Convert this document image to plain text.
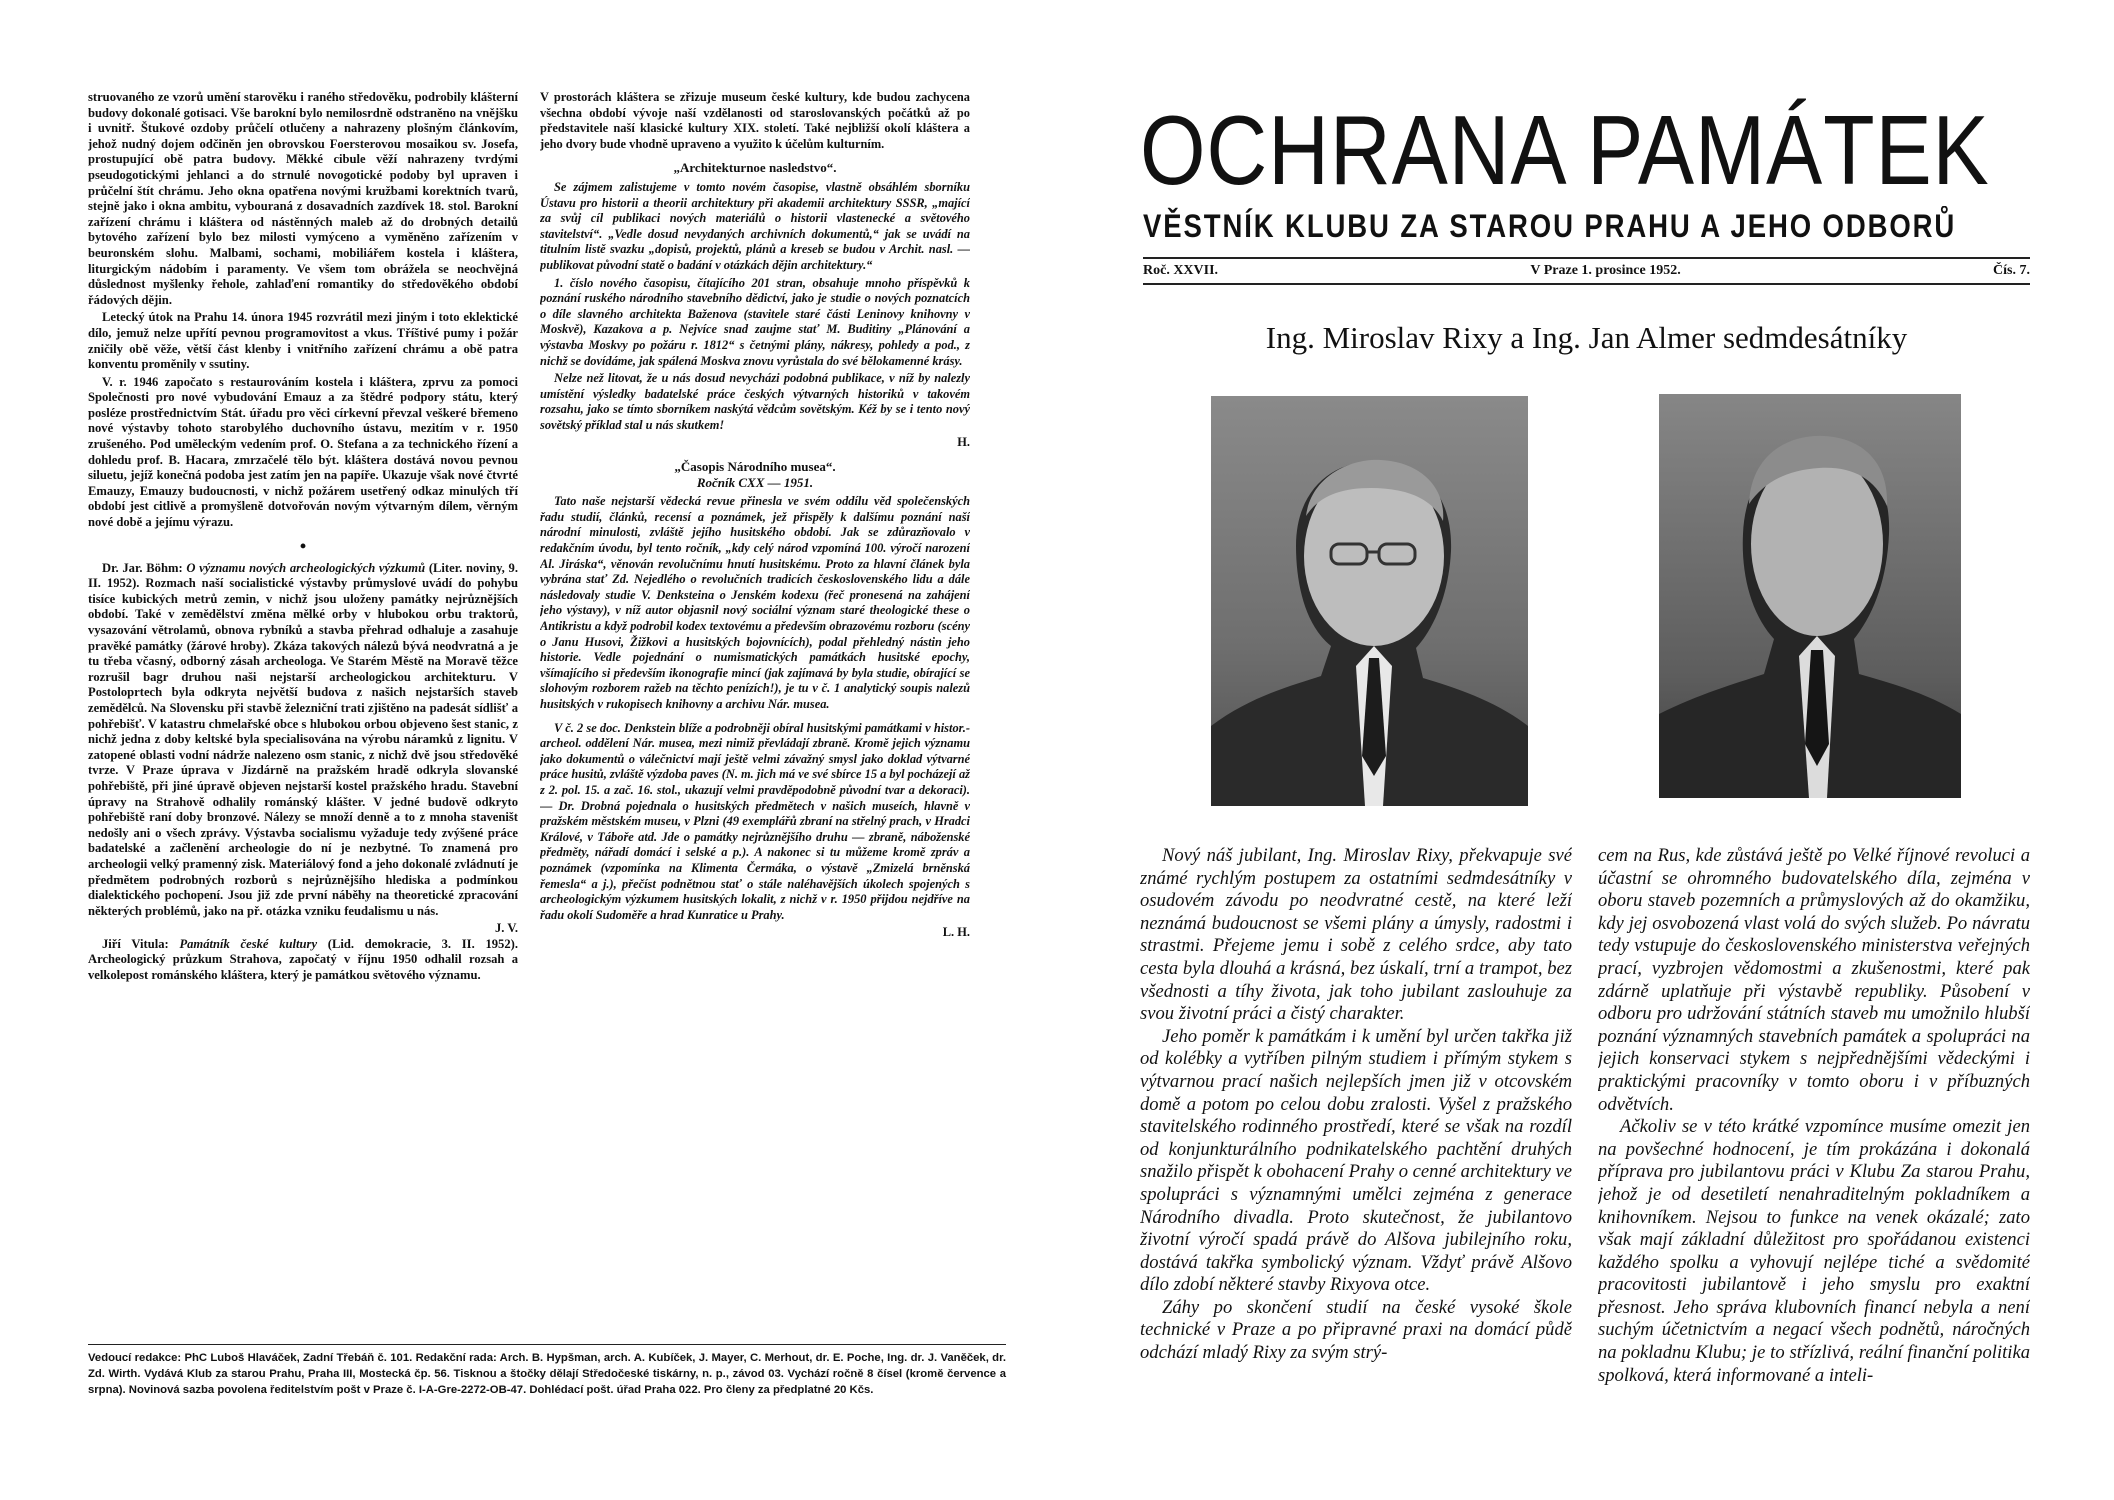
struovaného ze vzorů umění starověku i raného středověku, podrobily klášterní budovy dokonalé gotisaci. Vše barokní bylo nemilosrdně odstraněno na vnějšku i uvnitř. Štukové ozdoby průčelí otlučeny a nahrazeny plošným článkovím, jehož nudný dojem odčiněn jen obrovskou Foersterovou mosaikou sv. Josefa, prostupující obě patra budovy. Měkké cibule věží nahrazeny tvrdými pseudogotickými jehlanci a do strnulé novogotické podoby byl upraven i průčelní štít chrámu. Jeho okna opatřena novými kružbami korektních tvarů, stejně jako i okna ambitu, vybouraná z dosavadních zazdívek 18. stol. Barokní zařízení chrámu i kláštera od nástěnných maleb až do drobných detailů bytového zařízení bylo bez milosti vymýceno a vyměněno zařízením v beuronském slohu. Malbami, sochami, mobiliářem kostela i kláštera, liturgickým nádobím i paramenty. Ve všem tom obrážela se neochvějná důslednost myšlenky řehole, zahlaďení romantiky do středověkého období řádových dějin.

Letecký útok na Prahu 14. února 1945 rozvrátil mezi jiným i toto eklektické dílo, jemuž nelze upřítí pevnou programovitost a vkus. Tříštivé pumy i požár zničily obě věže, větší část klenby i vnitřního zařízení chrámu a obě patra konventu proměnily v ssutiny.

V. r. 1946 započato s restaurováním kostela i kláštera, zprvu za pomoci Společnosti pro nové vybudování Emauz a za štědré podpory státu, který posléze prostřednictvím Stát. úřadu pro věci církevní převzal veškeré břemeno nové výstavby tohoto starobylého duchovního ústavu, mezitím v r. 1950 zrušeného. Pod uměleckým vedením prof. O. Stefana a za technického řízení a dohledu prof. B. Hacara, zmrzačelé tělo být. kláštera dostává novou pevnou siluetu, jejíž konečná podoba jest zatím jen na papíře. Ukazuje však nové čtvrté Emauzy, Emauzy budoucnosti, v nichž požárem usetřený odkaz minulých tří období jest citlivě a promyšleně dotvořován novým výtvarným dílem, věrným nové době a jejímu výrazu.

•

Dr. Jar. Böhm: O významu nových archeologických výzkumů (Liter. noviny, 9. II. 1952). Rozmach naší socialistické výstavby průmyslové uvádí do pohybu tisíce kubických metrů zemin, v nichž jsou uloženy památky nejrůznějších období. Také v zemědělství změna mělké orby v hlubokou orbu traktorů, vysazování větrolamů, obnova rybníků a stavba přehrad odhaluje a zasahuje pravěké památky (žárové hroby). Zkáza takových nálezů bývá neodvratná a je tu třeba včasný, odborný zásah archeologa. Ve Starém Městě na Moravě těžce rozrušil bagr druhou naši nejstarší archeologickou architekturu. V Postoloprtech byla odkryta největší budova z našich nejstarších staveb zemědělců. Na Slovensku při stavbě železniční trati zjištěno na padesát sídlišť a pohřebišť. V katastru chmelařské obce s hlubokou orbou objeveno šest stanic, z nichž jedna z doby keltské byla specialisována na výrobu náramků z lignitu. V zatopené oblasti vodní nádrže nalezeno osm stanic, z nichž dvě jsou středověké tvrze. V Praze úprava v Jizdárně na pražském hradě odkryla slovanské pohřebiště, při jiné úpravě objeven nejstarší kostel pražského hradu. Stavební úpravy na Strahově odhalily románský klášter. V jedné budově odkryto pohřebiště raní doby bronzové. Nálezy se množí denně a to z mnoha staveništ nedošly ani o všech zprávy. Výstavba socialismu vyžaduje tedy zvýšené práce badatelské a začlenění archeologie do ní je nezbytné. To znamená pro archeologii velký pramenný zisk. Materiálový fond a jeho dokonalé zvládnutí je předmětem podrobných rozborů s nejrůznějšího hlediska a podmínkou dialektického pochopení. Jsou již zde první náběhy na theoretické zpracování některých problémů, jako na př. otázka vzniku feudalismu u nás.

J. V.

Jiří Vitula: Památník české kultury (Lid. demokracie, 3. II. 1952). Archeologický průzkum Strahova, započatý v říjnu 1950 odhalil rozsah a velkolepost románského kláštera, který je památkou světového významu.

V prostorách kláštera se zřizuje museum české kultury, kde budou zachycena všechna období vývoje naší vzdělanosti od staroslovanských počátků až po představitele naší klasické kultury XIX. století. Také nejbližší okolí kláštera a jeho dvory bude vhodně upraveno a využito k účelům kulturním.

„Architekturnoe nasledstvo“.

Se zájmem zalistujeme v tomto novém časopise, vlastně obsáhlém sborníku Ústavu pro historii a theorii architektury při akademii architektury SSSR, „mající za svůj cíl publikaci nových materiálů o historii vlastenecké a světového stavitelství“. „Vedle dosud nevydaných archivních dokumentů,“ jak se uvádí na titulním listě svazku „dopisů, projektů, plánů a kreseb se budou v Archit. nasl. — publikovat původní statě o badání v otázkách dějin architektury.“

1. číslo nového časopisu, čítajícího 201 stran, obsahuje mnoho příspěvků k poznání ruského národního stavebního dědictví, jako je studie o nových poznatcích o díle slavného architekta Baženova (stavitele staré části Leninovy knihovny v Moskvě), Kazakova a p. Nejvíce snad zaujme stať M. Buditiny „Plánování a výstavba Moskvy po požáru r. 1812“ s četnými plány, nákresy, pohledy a pod., z nichž se dovídáme, jak spálená Moskva znovu vyrůstala do své bělokamenné krásy.

Nelze než litovat, že u nás dosud nevycházi podobná publikace, v níž by nalezly umístění výsledky badatelské práce českých výtvarných historiků v takovém rozsahu, jako se tímto sborníkem naskýtá vědcům sovětským. Kéž by se i tento nový sovětský příklad stal u nás skutkem!

H.
„Časopis Národního musea“.
Ročník CXX — 1951.

Tato naše nejstarší vědecká revue přinesla ve svém oddílu věd společenských řadu studií, článků, recensí a poznámek, jež přispěly k dalšímu poznání naší národní minulosti, zvláště jejího husitského období. Jak se zdůrazňovalo v redakčním úvodu, byl tento ročník, „kdy celý národ vzpomíná 100. výročí narození Al. Jiráska“, věnován revolučnímu hnutí husitskému. Proto za hlavní článek byla vybrána stať Zd. Nejedlého o revolučních tradicích československého lidu a dále následovaly studie V. Denksteina o Jenském kodexu (řeč pronesená na zahájení jeho výstavy), v níž autor objasnil nový sociální význam staré theologické these o Antikristu a když podrobil kodex textovému a především obrazovému rozboru (scény o Janu Husovi, Žižkovi a husitských bojovnících), podal přehledný nástin jeho historie. Vedle pojednání o numismatických památkách husitské epochy, všímajícího si především ikonografie mincí (jak zajímavá by byla studie, obírající se slohovým rozborem ražeb na těchto penízích!), je tu v č. 1 analytický soupis nalezů husitských v rukopisech knihovny a archivu Nár. musea.

V č. 2 se doc. Denkstein blíže a podrobněji obíral husitskými památkami v histor.-archeol. oddělení Nár. musea, mezi nimiž převládají zbraně. Kromě jejich významu jako dokumentů o válečnictví mají ještě velmi závažný smysl jako doklad výtvarné práce husitů, zvláště výzdoba paves (N. m. jich má ve své sbírce 15 a byl pocházejí až z 2. pol. 15. a zač. 16. stol., ukazují velmi pravděpodobně původní tvar a dekoraci). — Dr. Drobná pojednala o husitských předmětech v našich museích, hlavně v pražském městském museu, v Plzni (49 exemplářů zbraní na střelný prach, v Hradci Králové, v Táboře atd. Jde o památky nejrůznějšího druhu — zbraně, náboženské předměty, nářadí domácí i selské a p.). A nakonec si tu můžeme kromě zpráv a poznámek (vzpomínka na Klimenta Čermáka, o výstavě „Zmizelá brněnská řemesla“ a j.), přečíst podnětnou stať o stále naléhavějších úkolech spojených s archeologickým výzkumem husitských lokalit, z nichž v r. 1950 přijdou nejdříve na řadu okolí Sudoměře a hrad Kunratice u Prahy.

L. H.
Vedoucí redakce: PhC Luboš Hlaváček, Zadní Třebáň č. 101. Redakční rada: Arch. B. Hypšman, arch. A. Kubíček, J. Mayer, C. Merhout, dr. E. Poche, Ing. dr. J. Vaněček, dr. Zd. Wirth. Vydává Klub za starou Prahu, Praha III, Mostecká čp. 56. Tisknou a štočky dělají Středočeské tiskárny, n. p., závod 03. Vychází ročně 8 čísel (kromě července a srpna). Novinová sazba povolena ředitelstvím pošt v Praze č. I-A-Gre-2272-OB-47. Dohlédací pošt. úřad Praha 022. Pro členy za předplatné 20 Kčs.
OCHRANA PAMÁTEK
VĚSTNÍK KLUBU ZA STAROU PRAHU A JEHO ODBORŮ
Roč. XXVII.	V Praze 1. prosince 1952.	Čís. 7.
Ing. Miroslav Rixy a Ing. Jan Almer sedmdesátníky

Nový náš jubilant, Ing. Miroslav Rixy, překvapuje své známé rychlým postupem za ostatními sedmdesátníky v osudovém závodu po neodvratné cestě, na které leží neznámá budoucnost se všemi plány a úmysly, radostmi i strastmi. Přejeme jemu i sobě z celého srdce, aby tato cesta byla dlouhá a krásná, bez úskalí, trní a trampot, bez všednosti a tíhy života, jak toho jubilant zaslouhuje za svou životní práci a čistý charakter.

Jeho poměr k památkám i k umění byl určen takřka již od kolébky a vytříben pilným studiem i přímým stykem s výtvarnou prací našich nejlepších jmen již v otcovském domě a potom po celou dobu zralosti. Vyšel z pražského stavitelského rodinného prostředí, které se však na rozdíl od konjunkturálního podnikatelského pachtění druhých snažilo přispět k obohacení Prahy o cenné architektury ve spolupráci s významnými umělci zejména z generace Národního divadla. Proto skutečnost, že jubilantovo životní výročí spadá právě do Alšova jubilejního roku, dostává takřka symbolický význam. Vždyť právě Alšovo dílo zdobí některé stavby Rixyova otce.

Záhy po skončení studií na české vysoké škole technické v Praze a po připravné praxi na domácí půdě odchází mladý Rixy za svým strý-

cem na Rus, kde zůstává ještě po Velké říjnové revoluci a účastní se ohromného budovatelského díla, zejména v oboru staveb pozemních a průmyslových až do okamžiku, kdy jej osvobozená vlast volá do svých služeb. Po návratu tedy vstupuje do československého ministerstva veřejných prací, vyzbrojen vědomostmi a zkušenostmi, které pak zdárně uplatňuje při výstavbě republiky. Působení v odboru pro udržování státních staveb mu umožnilo hlubší poznání významných stavebních památek a spolupráci na jejich konservaci stykem s nejpřednějšími vědeckými i praktickými pracovníky v tomto oboru i v příbuzných odvětvích.

Ačkoliv se v této krátké vzpomínce musíme omezit jen na povšechné hodnocení, je tím prokázána i dokonalá příprava pro jubilantovu práci v Klubu Za starou Prahu, jehož je od desetiletí nenahraditelným pokladníkem a knihovníkem. Nejsou to funkce na venek okázalé; zato však mají základní důležitost pro spořádanou existenci každého spolku a vyhovují nejlépe tiché a svědomité pracovitosti jubilantově i jeho smyslu pro exaktní přesnost. Jeho správa klubovních financí nebyla a není suchým účetnictvím a negací všech podnětů, náročných na pokladnu Klubu; je to střízlivá, reální finanční politika spolková, která informované a inteli-
